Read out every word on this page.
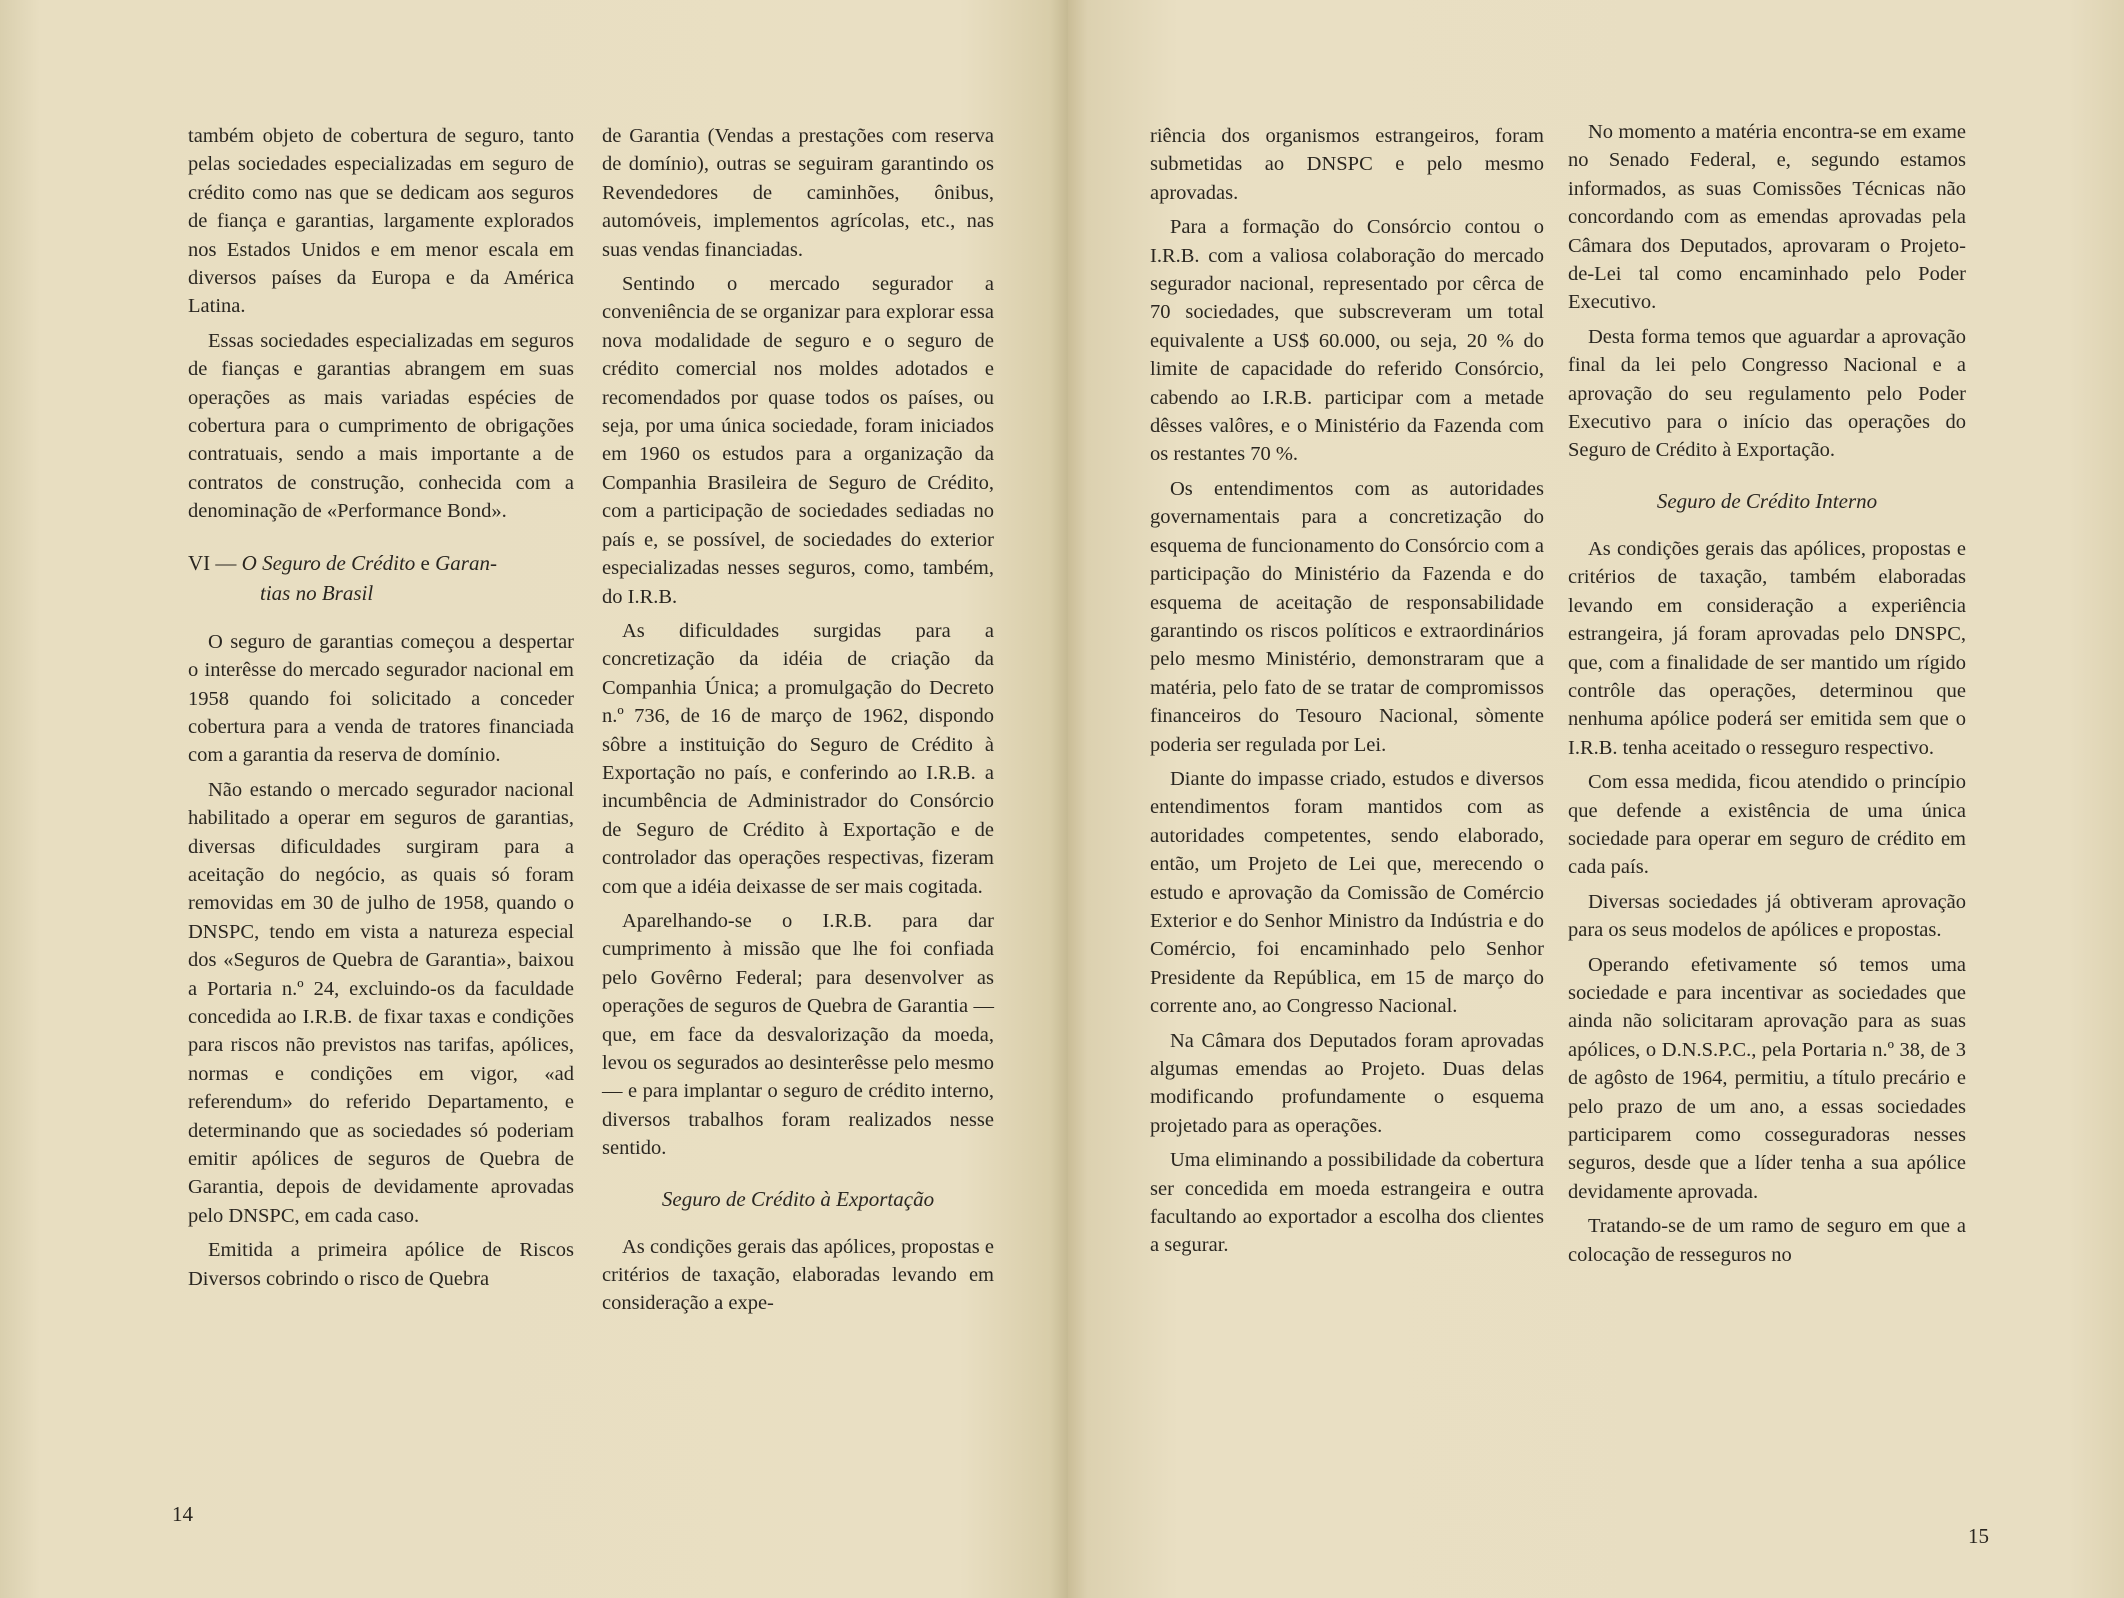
também objeto de cobertura de seguro, tanto pelas sociedades especializadas em seguro de crédito como nas que se dedicam aos seguros de fiança e garantias, largamente explorados nos Estados Unidos e em menor escala em diversos países da Europa e da América Latina.

Essas sociedades especializadas em seguros de fianças e garantias abrangem em suas operações as mais variadas espécies de cobertura para o cumprimento de obrigações contratuais, sendo a mais importante a de contratos de construção, conhecida com a denominação de «Performance Bond».

VI — O Seguro de Crédito e Garan-
tias no Brasil

O seguro de garantias começou a despertar o interêsse do mercado segurador nacional em 1958 quando foi solicitado a conceder cobertura para a venda de tratores financiada com a garantia da reserva de domínio.

Não estando o mercado segurador nacional habilitado a operar em seguros de garantias, diversas dificuldades surgiram para a aceitação do negócio, as quais só foram removidas em 30 de julho de 1958, quando o DNSPC, tendo em vista a natureza especial dos «Seguros de Quebra de Garantia», baixou a Portaria n.º 24, excluindo-os da faculdade concedida ao I.R.B. de fixar taxas e condições para riscos não previstos nas tarifas, apólices, normas e condições em vigor, «ad referendum» do referido Departamento, e determinando que as sociedades só poderiam emitir apólices de seguros de Quebra de Garantia, depois de devidamente aprovadas pelo DNSPC, em cada caso.

Emitida a primeira apólice de Riscos Diversos cobrindo o risco de Quebra

de Garantia (Vendas a prestações com reserva de domínio), outras se seguiram garantindo os Revendedores de caminhões, ônibus, automóveis, implementos agrícolas, etc., nas suas vendas financiadas.

Sentindo o mercado segurador a conveniência de se organizar para explorar essa nova modalidade de seguro e o seguro de crédito comercial nos moldes adotados e recomendados por quase todos os países, ou seja, por uma única sociedade, foram iniciados em 1960 os estudos para a organização da Companhia Brasileira de Seguro de Crédito, com a participação de sociedades sediadas no país e, se possível, de sociedades do exterior especializadas nesses seguros, como, também, do I.R.B.

As dificuldades surgidas para a concretização da idéia de criação da Companhia Única; a promulgação do Decreto n.º 736, de 16 de março de 1962, dispondo sôbre a instituição do Seguro de Crédito à Exportação no país, e conferindo ao I.R.B. a incumbência de Administrador do Consórcio de Seguro de Crédito à Exportação e de controlador das operações respectivas, fizeram com que a idéia deixasse de ser mais cogitada.

Aparelhando-se o I.R.B. para dar cumprimento à missão que lhe foi confiada pelo Govêrno Federal; para desenvolver as operações de seguros de Quebra de Garantia — que, em face da desvalorização da moeda, levou os segurados ao desinterêsse pelo mesmo — e para implantar o seguro de crédito interno, diversos trabalhos foram realizados nesse sentido.

Seguro de Crédito à Exportação

As condições gerais das apólices, propostas e critérios de taxação, elaboradas levando em consideração a expe-

14

riência dos organismos estrangeiros, foram submetidas ao DNSPC e pelo mesmo aprovadas.

Para a formação do Consórcio contou o I.R.B. com a valiosa colaboração do mercado segurador nacional, representado por cêrca de 70 sociedades, que subscreveram um total equivalente a US$ 60.000, ou seja, 20 % do limite de capacidade do referido Consórcio, cabendo ao I.R.B. participar com a metade dêsses valôres, e o Ministério da Fazenda com os restantes 70 %.

Os entendimentos com as autoridades governamentais para a concretização do esquema de funcionamento do Consórcio com a participação do Ministério da Fazenda e do esquema de aceitação de responsabilidade garantindo os riscos políticos e extraordinários pelo mesmo Ministério, demonstraram que a matéria, pelo fato de se tratar de compromissos financeiros do Tesouro Nacional, sòmente poderia ser regulada por Lei.

Diante do impasse criado, estudos e diversos entendimentos foram mantidos com as autoridades competentes, sendo elaborado, então, um Projeto de Lei que, merecendo o estudo e aprovação da Comissão de Comércio Exterior e do Senhor Ministro da Indústria e do Comércio, foi encaminhado pelo Senhor Presidente da República, em 15 de março do corrente ano, ao Congresso Nacional.

Na Câmara dos Deputados foram aprovadas algumas emendas ao Projeto. Duas delas modificando profundamente o esquema projetado para as operações.

Uma eliminando a possibilidade da cobertura ser concedida em moeda estrangeira e outra facultando ao exportador a escolha dos clientes a segurar.

No momento a matéria encontra-se em exame no Senado Federal, e, segundo estamos informados, as suas Comissões Técnicas não concordando com as emendas aprovadas pela Câmara dos Deputados, aprovaram o Projeto-de-Lei tal como encaminhado pelo Poder Executivo.

Desta forma temos que aguardar a aprovação final da lei pelo Congresso Nacional e a aprovação do seu regulamento pelo Poder Executivo para o início das operações do Seguro de Crédito à Exportação.

Seguro de Crédito Interno

As condições gerais das apólices, propostas e critérios de taxação, também elaboradas levando em consideração a experiência estrangeira, já foram aprovadas pelo DNSPC, que, com a finalidade de ser mantido um rígido contrôle das operações, determinou que nenhuma apólice poderá ser emitida sem que o I.R.B. tenha aceitado o resseguro respectivo.

Com essa medida, ficou atendido o princípio que defende a existência de uma única sociedade para operar em seguro de crédito em cada país.

Diversas sociedades já obtiveram aprovação para os seus modelos de apólices e propostas.

Operando efetivamente só temos uma sociedade e para incentivar as sociedades que ainda não solicitaram aprovação para as suas apólices, o D.N.S.P.C., pela Portaria n.º 38, de 3 de agôsto de 1964, permitiu, a título precário e pelo prazo de um ano, a essas sociedades participarem como cosseguradoras nesses seguros, desde que a líder tenha a sua apólice devidamente aprovada.

Tratando-se de um ramo de seguro em que a colocação de resseguros no

15
